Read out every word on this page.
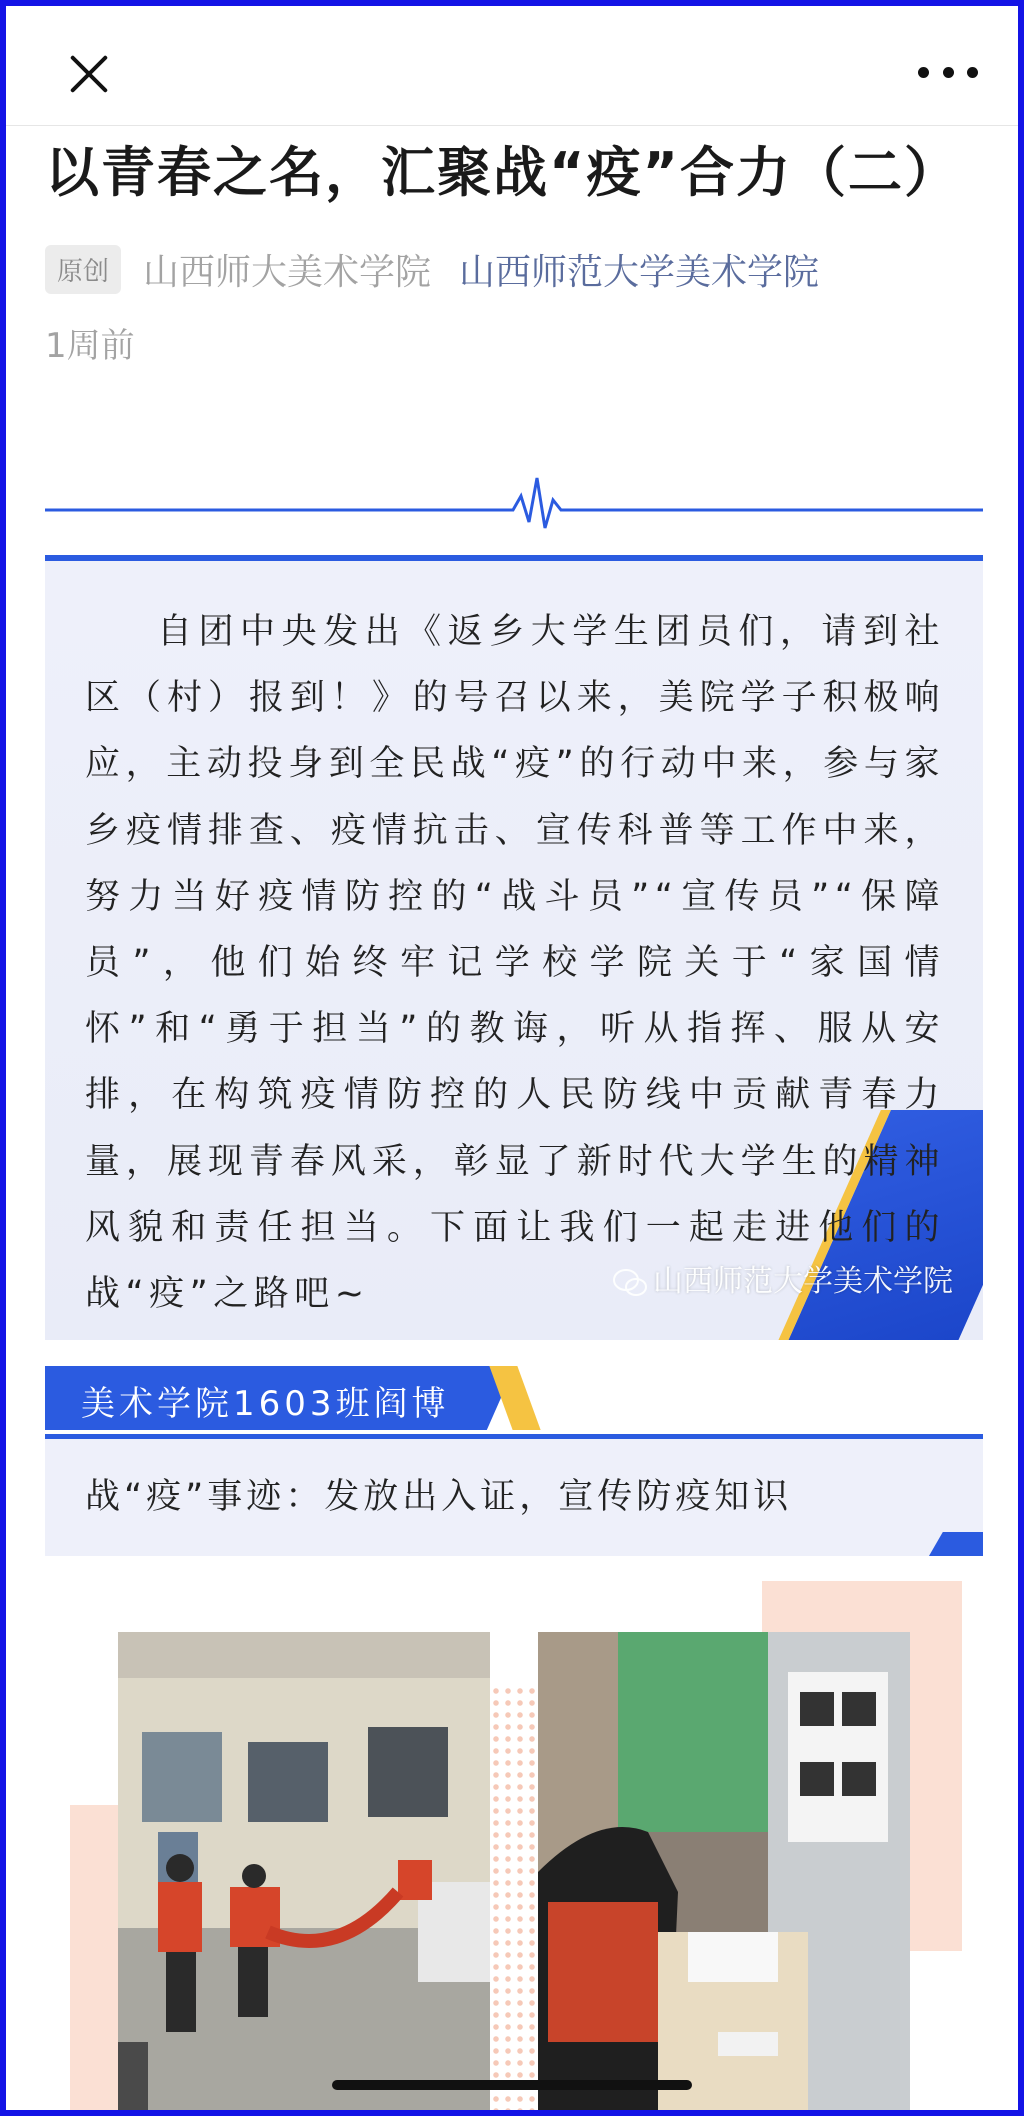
以青春之名，汇聚战“疫”合力（二）
原创 山西师大美术学院 山西师范大学美术学院
1周前

自团中央发出《返乡大学生团员们，请到社区（村）报到！》的号召以来，美院学子积极响应，主动投身到全民战“疫”的行动中来，参与家乡疫情排查、疫情抗击、宣传科普等工作中来，努力当好疫情防控的“战斗员”“宣传员”“保障员”，他们始终牢记学校学院关于“家国情怀”和“勇于担当”的教诲，听从指挥、服从安排，在构筑疫情防控的人民防线中贡献青春力量，展现青春风采，彰显了新时代大学生的精神风貌和责任担当。下面让我们一起走进他们的战“疫”之路吧~	山西师范大学美术学院
美术学院1603班阎博

战“疫”事迹：发放出入证，宣传防疫知识
